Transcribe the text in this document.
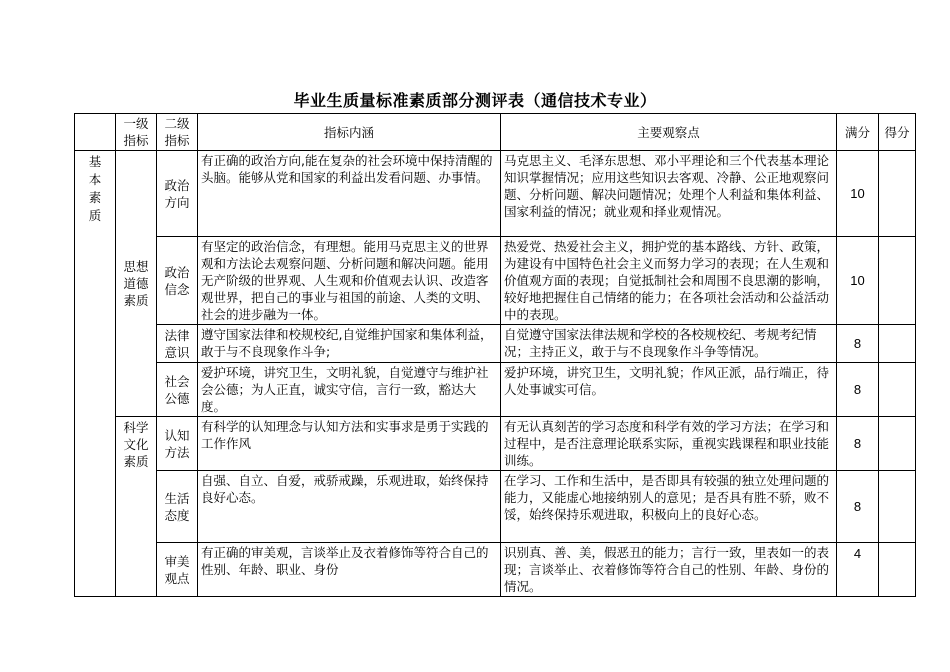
毕业生质量标准素质部分测评表（通信技术专业）
	一级指标	二级指标	指标内涵	主要观察点	满分	得分
基本素质	思想道德素质	政治方向	有正确的政治方向,能在复杂的社会环境中保持清醒的头脑。能够从党和国家的利益出发看问题、办事情。	马克思主义、毛泽东思想、邓小平理论和三个代表基本理论知识掌握情况；应用这些知识去客观、冷静、公正地观察问题、分析问题、解决问题情况；处理个人利益和集体利益、国家利益的情况；就业观和择业观情况。	10	
		政治信念	有坚定的政治信念，有理想。能用马克思主义的世界观和方法论去观察问题、分析问题和解决问题。能用无产阶级的世界观、人生观和价值观去认识、改造客观世界，把自己的事业与祖国的前途、人类的文明、社会的进步融为一体。	热爱党、热爱社会主义，拥护党的基本路线、方针、政策，为建设有中国特色社会主义而努力学习的表现；在人生观和价值观方面的表现；自觉抵制社会和周围不良思潮的影响，较好地把握住自己情绪的能力；在各项社会活动和公益活动中的表现。	10	
		法律意识	遵守国家法律和校规校纪,自觉维护国家和集体利益，敢于与不良现象作斗争;	自觉遵守国家法律法规和学校的各校规校纪、考规考纪情况；主持正义，敢于与不良现象作斗争等情况。	8	
		社会公德	爱护环境，讲究卫生，文明礼貌，自觉遵守与维护社会公德；为人正直，诚实守信，言行一致，豁达大度。	爱护环境，讲究卫生，文明礼貌；作风正派，品行端正，待人处事诚实可信。	8	
	科学文化素质	认知方法	有科学的认知理念与认知方法和实事求是勇于实践的工作作风	有无认真刻苦的学习态度和科学有效的学习方法；在学习和过程中，是否注意理论联系实际，重视实践课程和职业技能训练。	8	
		生活态度	自强、自立、自爱，戒骄戒躁，乐观进取，始终保持良好心态。	在学习、工作和生活中，是否即具有较强的独立处理问题的能力，又能虚心地接纳别人的意见；是否具有胜不骄，败不馁，始终保持乐观进取，积极向上的良好心态。	8	
		审美观点	有正确的审美观，言谈举止及衣着修饰等符合自己的性别、年龄、职业、身份	识别真、善、美，假恶丑的能力；言行一致，里表如一的表现；言谈举止、衣着修饰等符合自己的性别、年龄、身份的情况。	4	
